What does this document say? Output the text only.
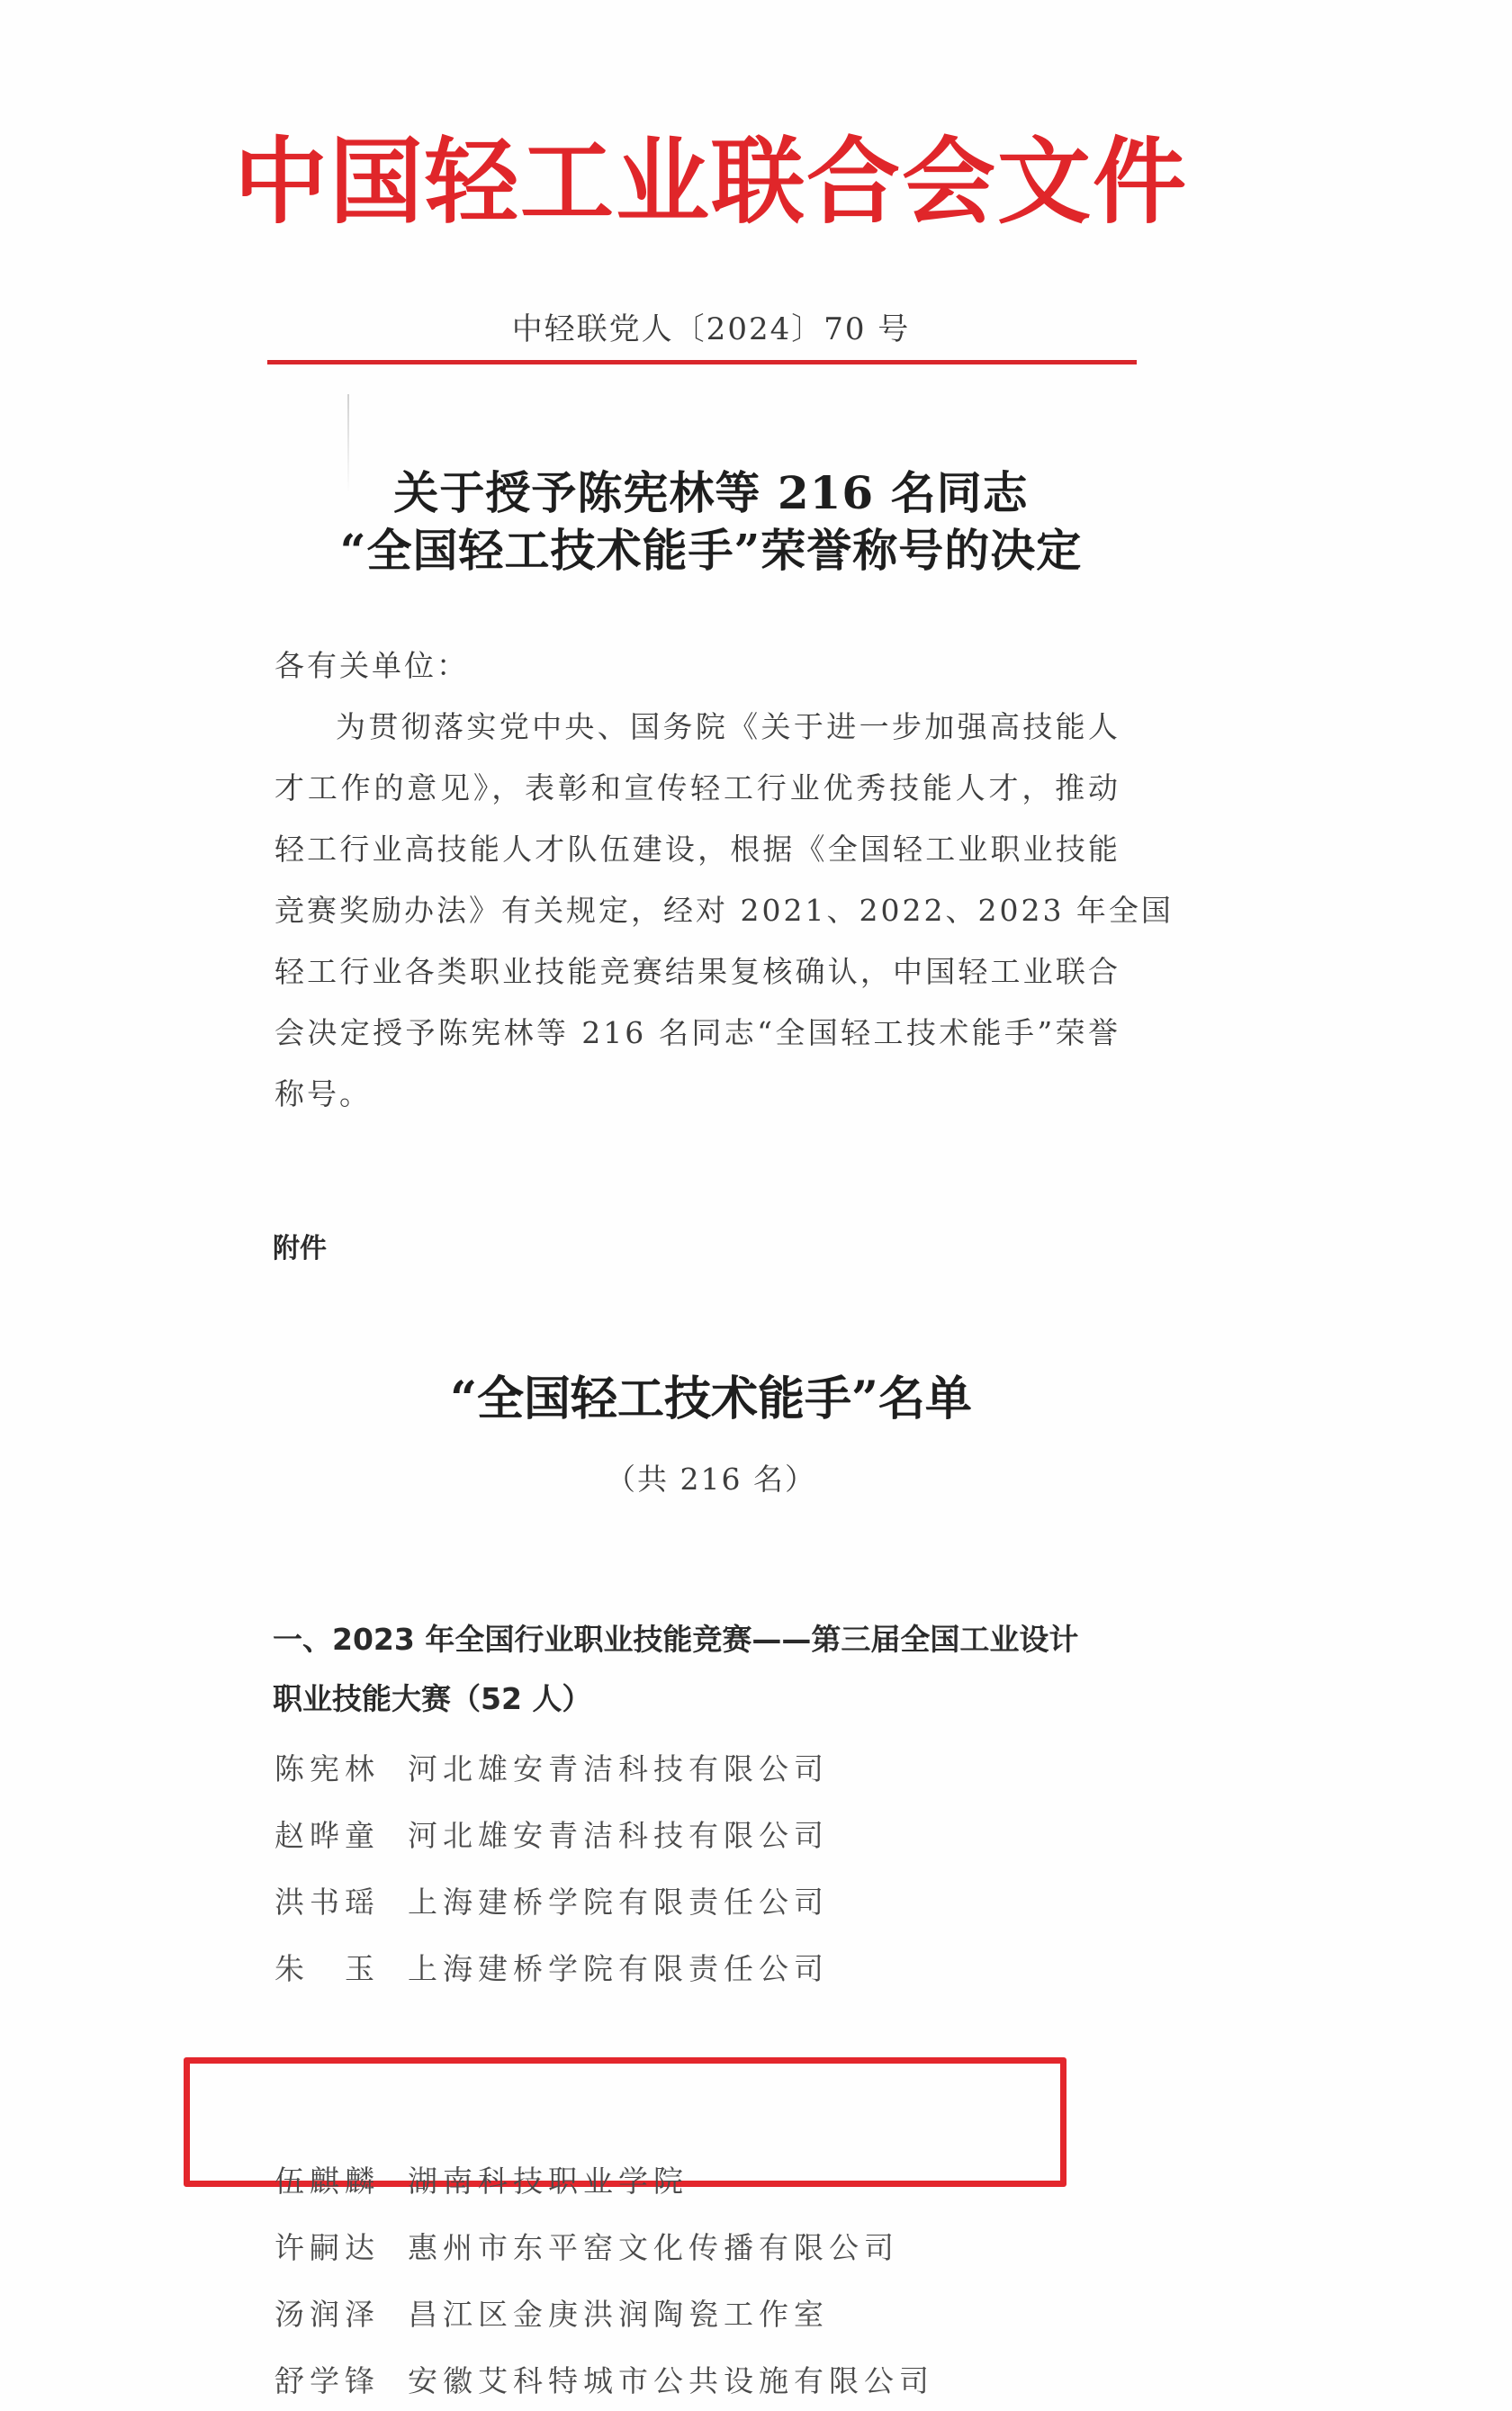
中国轻工业联合会文件
中轻联党人〔2024〕70 号
关于授予陈宪林等 216 名同志
“全国轻工技术能手”荣誉称号的决定
各有关单位：
为贯彻落实党中央、国务院《关于进一步加强高技能人
才工作的意见》，表彰和宣传轻工行业优秀技能人才，推动
轻工行业高技能人才队伍建设，根据《全国轻工业职业技能
竞赛奖励办法》有关规定，经对 2021、2022、2023 年全国
轻工行业各类职业技能竞赛结果复核确认，中国轻工业联合
会决定授予陈宪林等 216 名同志“全国轻工技术能手”荣誉
称号。
附件
“全国轻工技术能手”名单
（共 216 名）
一、2023 年全国行业职业技能竞赛——第三届全国工业设计
职业技能大赛（52 人）
陈宪林 河北雄安青洁科技有限公司
赵晔童 河北雄安青洁科技有限公司
洪书瑶 上海建桥学院有限责任公司
朱　玉 上海建桥学院有限责任公司
伍麒麟 湖南科技职业学院
许嗣达 惠州市东平窑文化传播有限公司
汤润泽 昌江区金庚洪润陶瓷工作室
舒学锋 安徽艾科特城市公共设施有限公司
